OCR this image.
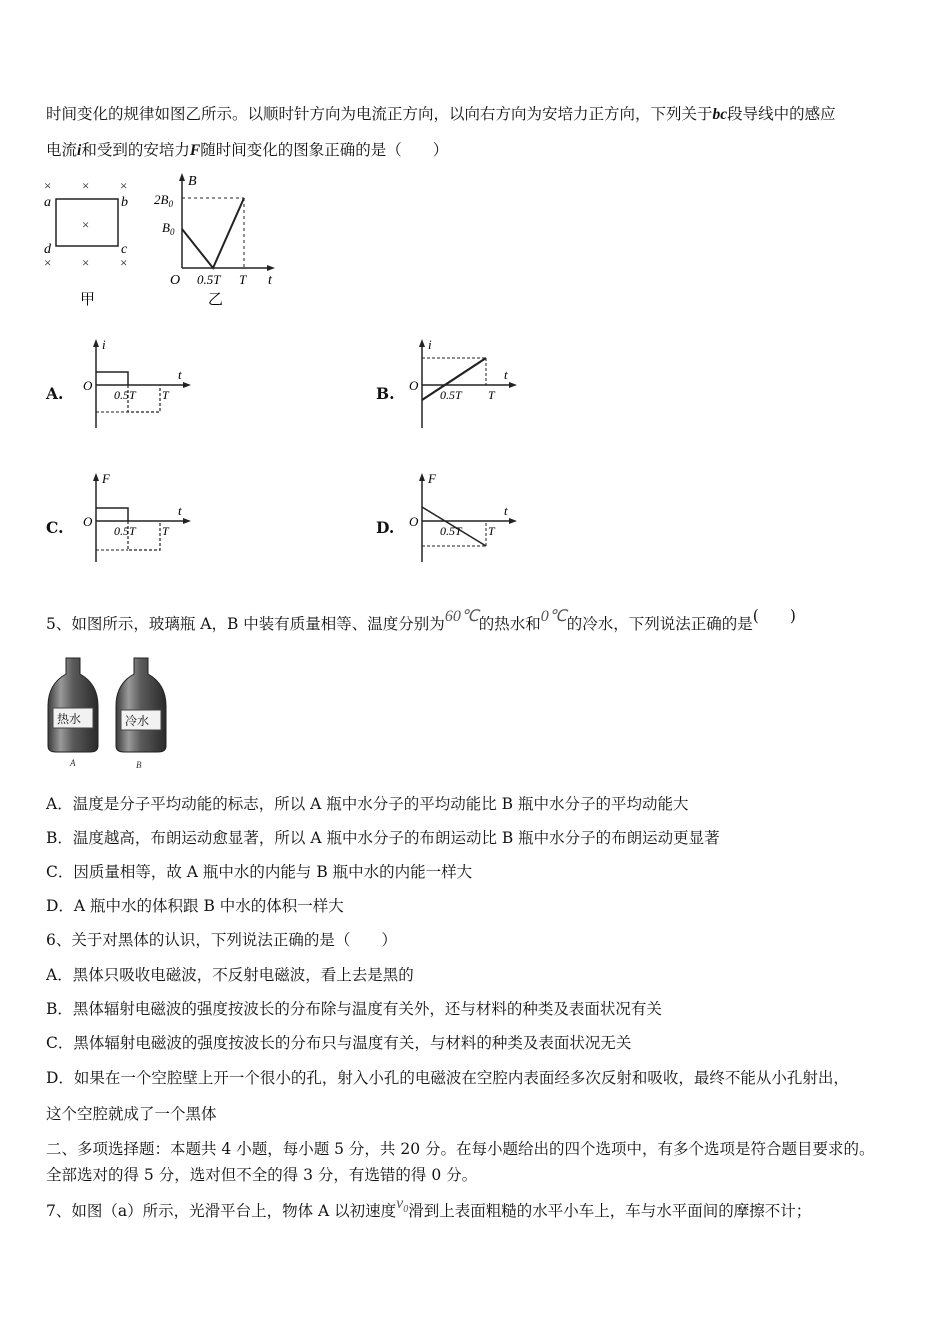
时间变化的规律如图乙所示。以顺时针方向为电流正方向，以向右方向为安培力正方向，下列关于bc段导线中的感应
电流i和受到的安培力F随时间变化的图象正确的是（　　）
× × ×
×
× × ×
a	b
c
d
甲
B
t
O
$2B_0$
$B_0$
0.5T T
乙
A.
i
t
O
0.5T T	B.
i
t
O
0.5T T
C.
F
t
O
0.5T T	D.
F
t
O
0.5T T
5、如图所示，玻璃瓶 A，B 中装有质量相等、温度分别为60℃的热水和0℃的冷水，下列说法正确的是(　　)
热水
A
冷水
B
A．温度是分子平均动能的标志，所以 A 瓶中水分子的平均动能比 B 瓶中水分子的平均动能大
B．温度越高，布朗运动愈显著，所以 A 瓶中水分子的布朗运动比 B 瓶中水分子的布朗运动更显著
C．因质量相等，故 A 瓶中水的内能与 B 瓶中水的内能一样大
D．A 瓶中水的体积跟 B 中水的体积一样大
6、关于对黑体的认识，下列说法正确的是（　　）
A．黑体只吸收电磁波，不反射电磁波，看上去是黑的
B．黑体辐射电磁波的强度按波长的分布除与温度有关外，还与材料的种类及表面状况有关
C．黑体辐射电磁波的强度按波长的分布只与温度有关，与材料的种类及表面状况无关
D．如果在一个空腔壁上开一个很小的孔，射入小孔的电磁波在空腔内表面经多次反射和吸收，最终不能从小孔射出，
这个空腔就成了一个黑体
二、多项选择题：本题共 4 小题，每小题 5 分，共 20 分。在每小题给出的四个选项中，有多个选项是符合题目要求的。
全部选对的得 5 分，选对但不全的得 3 分，有选错的得 0 分。
7、如图（a）所示，光滑平台上，物体 A 以初速度$v_0$滑到上表面粗糙的水平小车上，车与水平面间的摩擦不计；
